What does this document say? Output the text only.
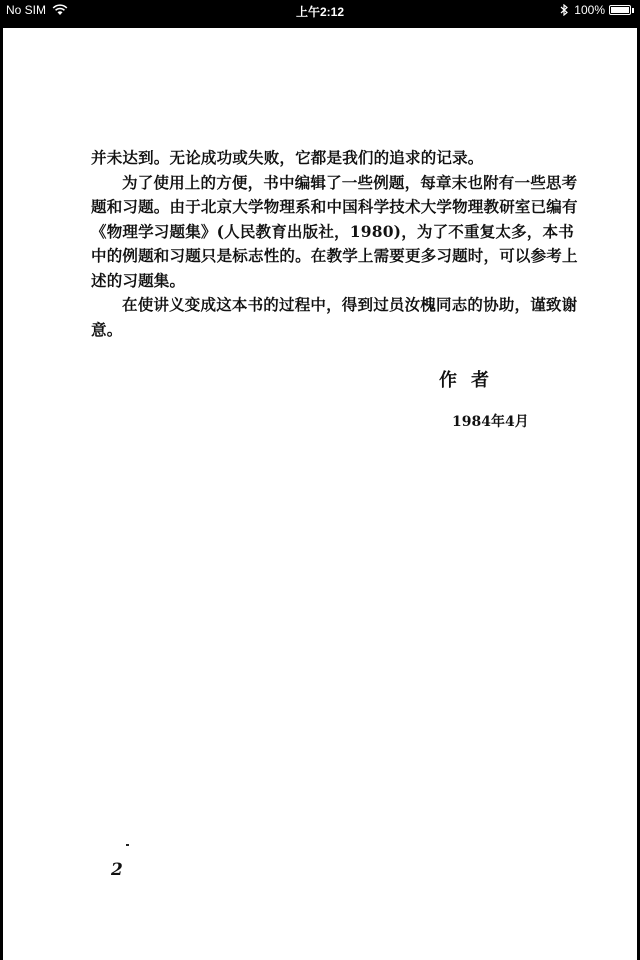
No SIM	上午2:12	100%

并未达到。无论成功或失败，它都是我们的追求的记录。

为了使用上的方便，书中编辑了一些例题，每章末也附有一些思考题和习题。由于北京大学物理系和中国科学技术大学物理教研室已编有《物理学习题集》(人民教育出版社，1980)，为了不重复太多，本书中的例题和习题只是标志性的。在教学上需要更多习题时，可以参考上述的习题集。

在使讲义变成这本书的过程中，得到过员汝槐同志的协助，谨致谢意。

作者
1984年4月
2
